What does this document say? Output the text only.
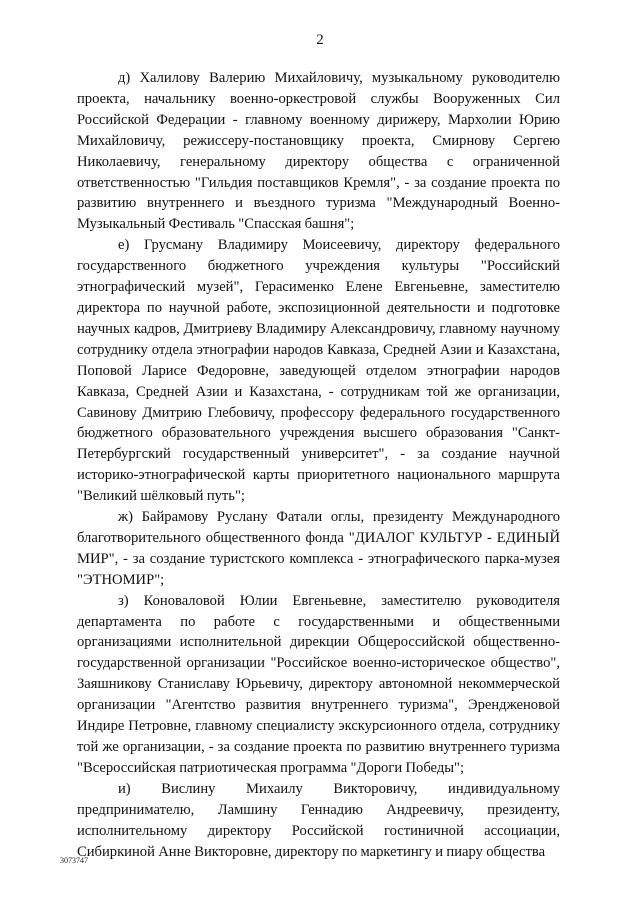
2

д) Халилову Валерию Михайловичу, музыкальному руководителю проекта, начальнику военно-оркестровой службы Вооруженных Сил Российской Федерации - главному военному дирижеру, Мархолии Юрию Михайловичу, режиссеру-постановщику проекта, Смирнову Сергею Николаевичу, генеральному директору общества с ограниченной ответственностью "Гильдия поставщиков Кремля", - за создание проекта по развитию внутреннего и въездного туризма "Международный Военно-Музыкальный Фестиваль "Спасская башня";

е) Грусману Владимиру Моисеевичу, директору федерального государственного бюджетного учреждения культуры "Российский этнографический музей", Герасименко Елене Евгеньевне, заместителю директора по научной работе, экспозиционной деятельности и подготовке научных кадров, Дмитриеву Владимиру Александровичу, главному научному сотруднику отдела этнографии народов Кавказа, Средней Азии и Казахстана, Поповой Ларисе Федоровне, заведующей отделом этнографии народов Кавказа, Средней Азии и Казахстана, - сотрудникам той же организации, Савинову Дмитрию Глебовичу, профессору федерального государственного бюджетного образовательного учреждения высшего образования "Санкт-Петербургский государственный университет", - за создание научной историко-этнографической карты приоритетного национального маршрута "Великий шёлковый путь";

ж) Байрамову Руслану Фатали оглы, президенту Международного благотворительного общественного фонда "ДИАЛОГ КУЛЬТУР - ЕДИНЫЙ МИР", - за создание туристского комплекса - этнографического парка-музея "ЭТНОМИР";

з) Коноваловой Юлии Евгеньевне, заместителю руководителя департамента по работе с государственными и общественными организациями исполнительной дирекции Общероссийской общественно-государственной организации "Российское военно-историческое общество", Заяшникову Станиславу Юрьевичу, директору автономной некоммерческой организации "Агентство развития внутреннего туризма", Эрендженовой Индире Петровне, главному специалисту экскурсионного отдела, сотруднику той же организации, - за создание проекта по развитию внутреннего туризма "Всероссийская патриотическая программа "Дороги Победы";

и) Вислину Михаилу Викторовичу, индивидуальному предпринимателю, Ламшину Геннадию Андреевичу, президенту, исполнительному директору Российской гостиничной ассоциации, Сибиркиной Анне Викторовне, директору по маркетингу и пиару общества

3073747
